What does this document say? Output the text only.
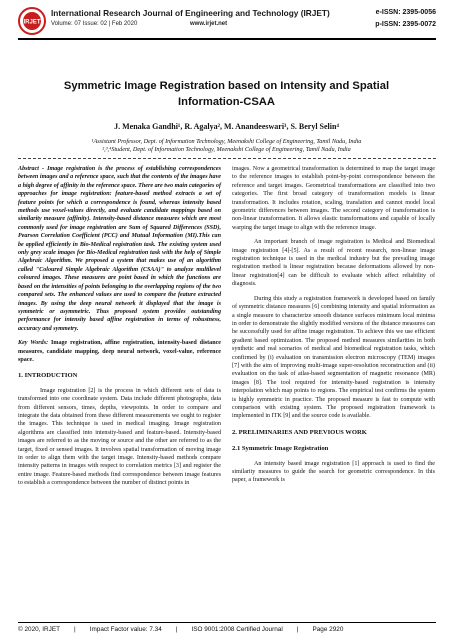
IRJET
International Research Journal of Engineering and Technology (IRJET)
Volume: 07 Issue: 02 | Feb 2020	www.irjet.net
e-ISSN: 2395-0056
p-ISSN: 2395-0072
Symmetric Image Registration based on Intensity and Spatial Information-CSAA
J. Menaka Gandhi¹, R. Agalya², M. Anandeeswari³, S. Beryl Selin⁴
¹Assistant Professor, Dept. of Information Technology, Meenakshi College of Engineering, Tamil Nadu, India
²,³,⁴Student, Dept. of Information Technology, Meenakshi College of Engineering, Tamil Nadu, India

Abstract - Image registration is the process of establishing correspondences between images and a reference space, such that the contents of the images have a high degree of affinity in the reference space. There are two main categories of approaches for image registration: feature-based method extracts a set of feature points for which a correspondence is found, whereas intensity based methods use voxel-values directly, and evaluate candidate mappings based on similarity measure (affinity). Intensity-based distance measures which are most commonly used for image registration are Sum of Squared Differences (SSD), Pearson Correlation Coefficient (PCC) and Mutual Information (MI).This can be applied efficiently in Bio-Medical registration task. The existing system used only grey scale images for Bio-Medical registration task with the help of Simple Algebraic Algorithm. We proposed a system that makes use of an algorithm called "Coloured Simple Algebraic Algorithm (CSAA)" to analyze multilevel coloured images. These measures are point based in which the functions are based on the intensities of points belonging to the overlapping regions of the two compared sets. The enhanced values are used to compare the feature extracted images. By using the deep neural network it displayed that the image is symmetric or asymmetric. Thus proposed system provides outstanding performance for intensity based affine registration in terms of robustness, accuracy and symmetry.

Key Words: Image registration, affine registration, intensity-based distance measures, candidate mapping, deep neural network, voxel-value, reference space.

1. INTRODUCTION

Image registration [2] is the process in which different sets of data is transformed into one coordinate system. Data include different photographs, data from different sensors, times, depths, viewpoints. In order to compare and integrate the data obtained from these different measurements we ought to register the images. This technique is used in medical imaging. Image registration algorithms are classified into intensity-based and feature-based. Intensity-based images are referred to as the moving or source and the other are referred to as the target, fixed or sensed images. It involves spatial transformation of moving image in order to align them with the target image. Intensity-based methods compare intensity patterns in images with respect to correlation metrics [3] and register the entire image. Feature-based methods find correspondence between image features to establish a correspondence between the number of distinct points in

images. Now a geometrical transformation is determined to map the target image to the reference images to establish point-by-point correspondence between the reference and target images. Geometrical transformations are classified into two categories. The first broad category of transformation models is linear transformation. It includes rotation, scaling, translation and cannot model local geometric differences between images. The second category of transformation is non-linear transformation. It allows elastic transformations and capable of locally warping the target image to align with the reference image.

An important branch of image registration is Medical and Biomedical image registration [4]-[5]. As a result of recent research, non-linear image registration technique is used in the medical industry but the prevailing image registration method is linear registration because deformations allowed by non-linear registration[4] can be difficult to evaluate which affect reliability of diagnosis.

During this study a registration framework is developed based on family of symmetric distance measures [6] combining intensity and spatial information as a single measure to characterize smooth distance surfaces minimum local minima in order to demonstrate the slightly modified versions of the distance measures can be successfully used for affine image registration. To achieve this we use efficient gradient based optimization. The proposed method measures similarities in both synthetic and real scenarios of medical and biomedical registration tasks, which confirmed by (i) evaluation on transmission electron microscopy (TEM) images [7] with the aim of improving multi-image super-resolution reconstruction and (ii) evaluation on the task of atlas-based segmentation of magnetic resonance (MR) images [8]. The tool required for intensity-based registration is intensity interpolation which map points to regions. The empirical test confirms the system is highly symmetric in practice. The proposed measure is fast to compute with comparison with existing system. The proposed registration framework is implemented in ITK [9] and the source code is available.

2. PRELIMINARIES AND PREVIOUS WORK
2.1 Symmetric Image Registration

An intensity based image registration [1] approach is used to find the similarity measures to guide the search for geometric correspondence. In this paper, a framework is

© 2020, IRJET | Impact Factor value: 7.34 | ISO 9001:2008 Certified Journal | Page 2920
